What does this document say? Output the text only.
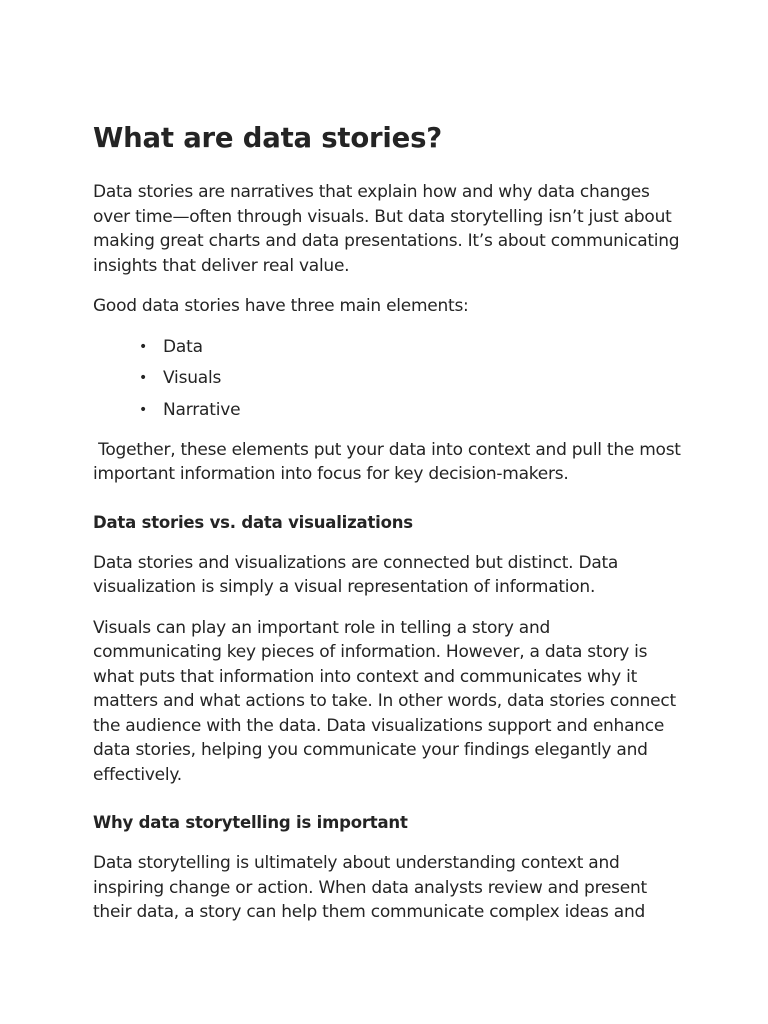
What are data stories?

Data stories are narratives that explain how and why data changes over time—often through visuals. But data storytelling isn’t just about making great charts and data presentations. It’s about communicating insights that deliver real value.

Good data stories have three main elements:

• Data
• Visuals
• Narrative

Together, these elements put your data into context and pull the most important information into focus for key decision-makers.

Data stories vs. data visualizations

Data stories and visualizations are connected but distinct. Data visualization is simply a visual representation of information.

Visuals can play an important role in telling a story and communicating key pieces of information. However, a data story is what puts that information into context and communicates why it matters and what actions to take. In other words, data stories connect the audience with the data. Data visualizations support and enhance data stories, helping you communicate your findings elegantly and effectively.

Why data storytelling is important

Data storytelling is ultimately about understanding context and inspiring change or action. When data analysts review and present their data, a story can help them communicate complex ideas and
